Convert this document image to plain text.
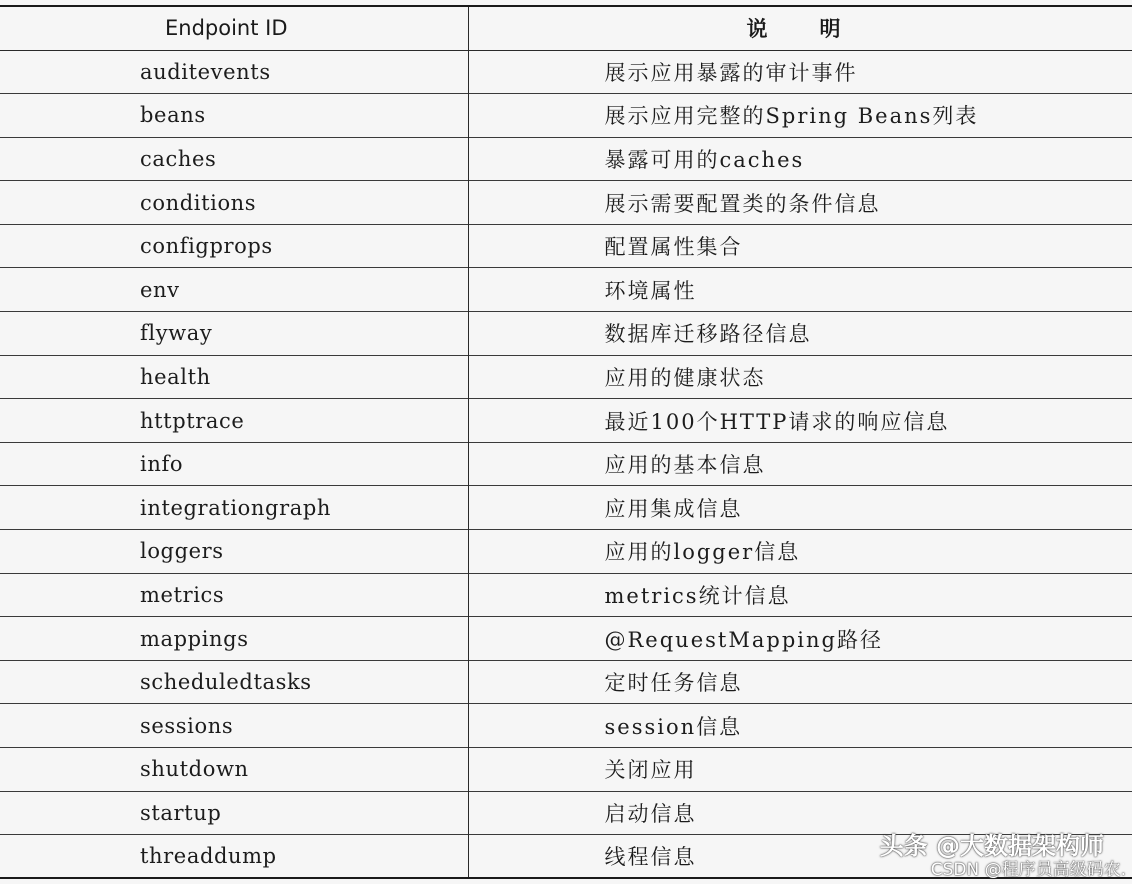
Endpoint ID	说明
auditevents	展示应用暴露的审计事件
beans	展示应用完整的Spring Beans列表
caches	暴露可用的caches
conditions	展示需要配置类的条件信息
configprops	配置属性集合
env	环境属性
flyway	数据库迁移路径信息
health	应用的健康状态
httptrace	最近100个HTTP请求的响应信息
info	应用的基本信息
integrationgraph	应用集成信息
loggers	应用的logger信息
metrics	metrics统计信息
mappings	@RequestMapping路径
scheduledtasks	定时任务信息
sessions	session信息
shutdown	关闭应用
startup	启动信息
threaddump	线程信息	头条 @大数据架构师
CSDN @程序员高级码农.
